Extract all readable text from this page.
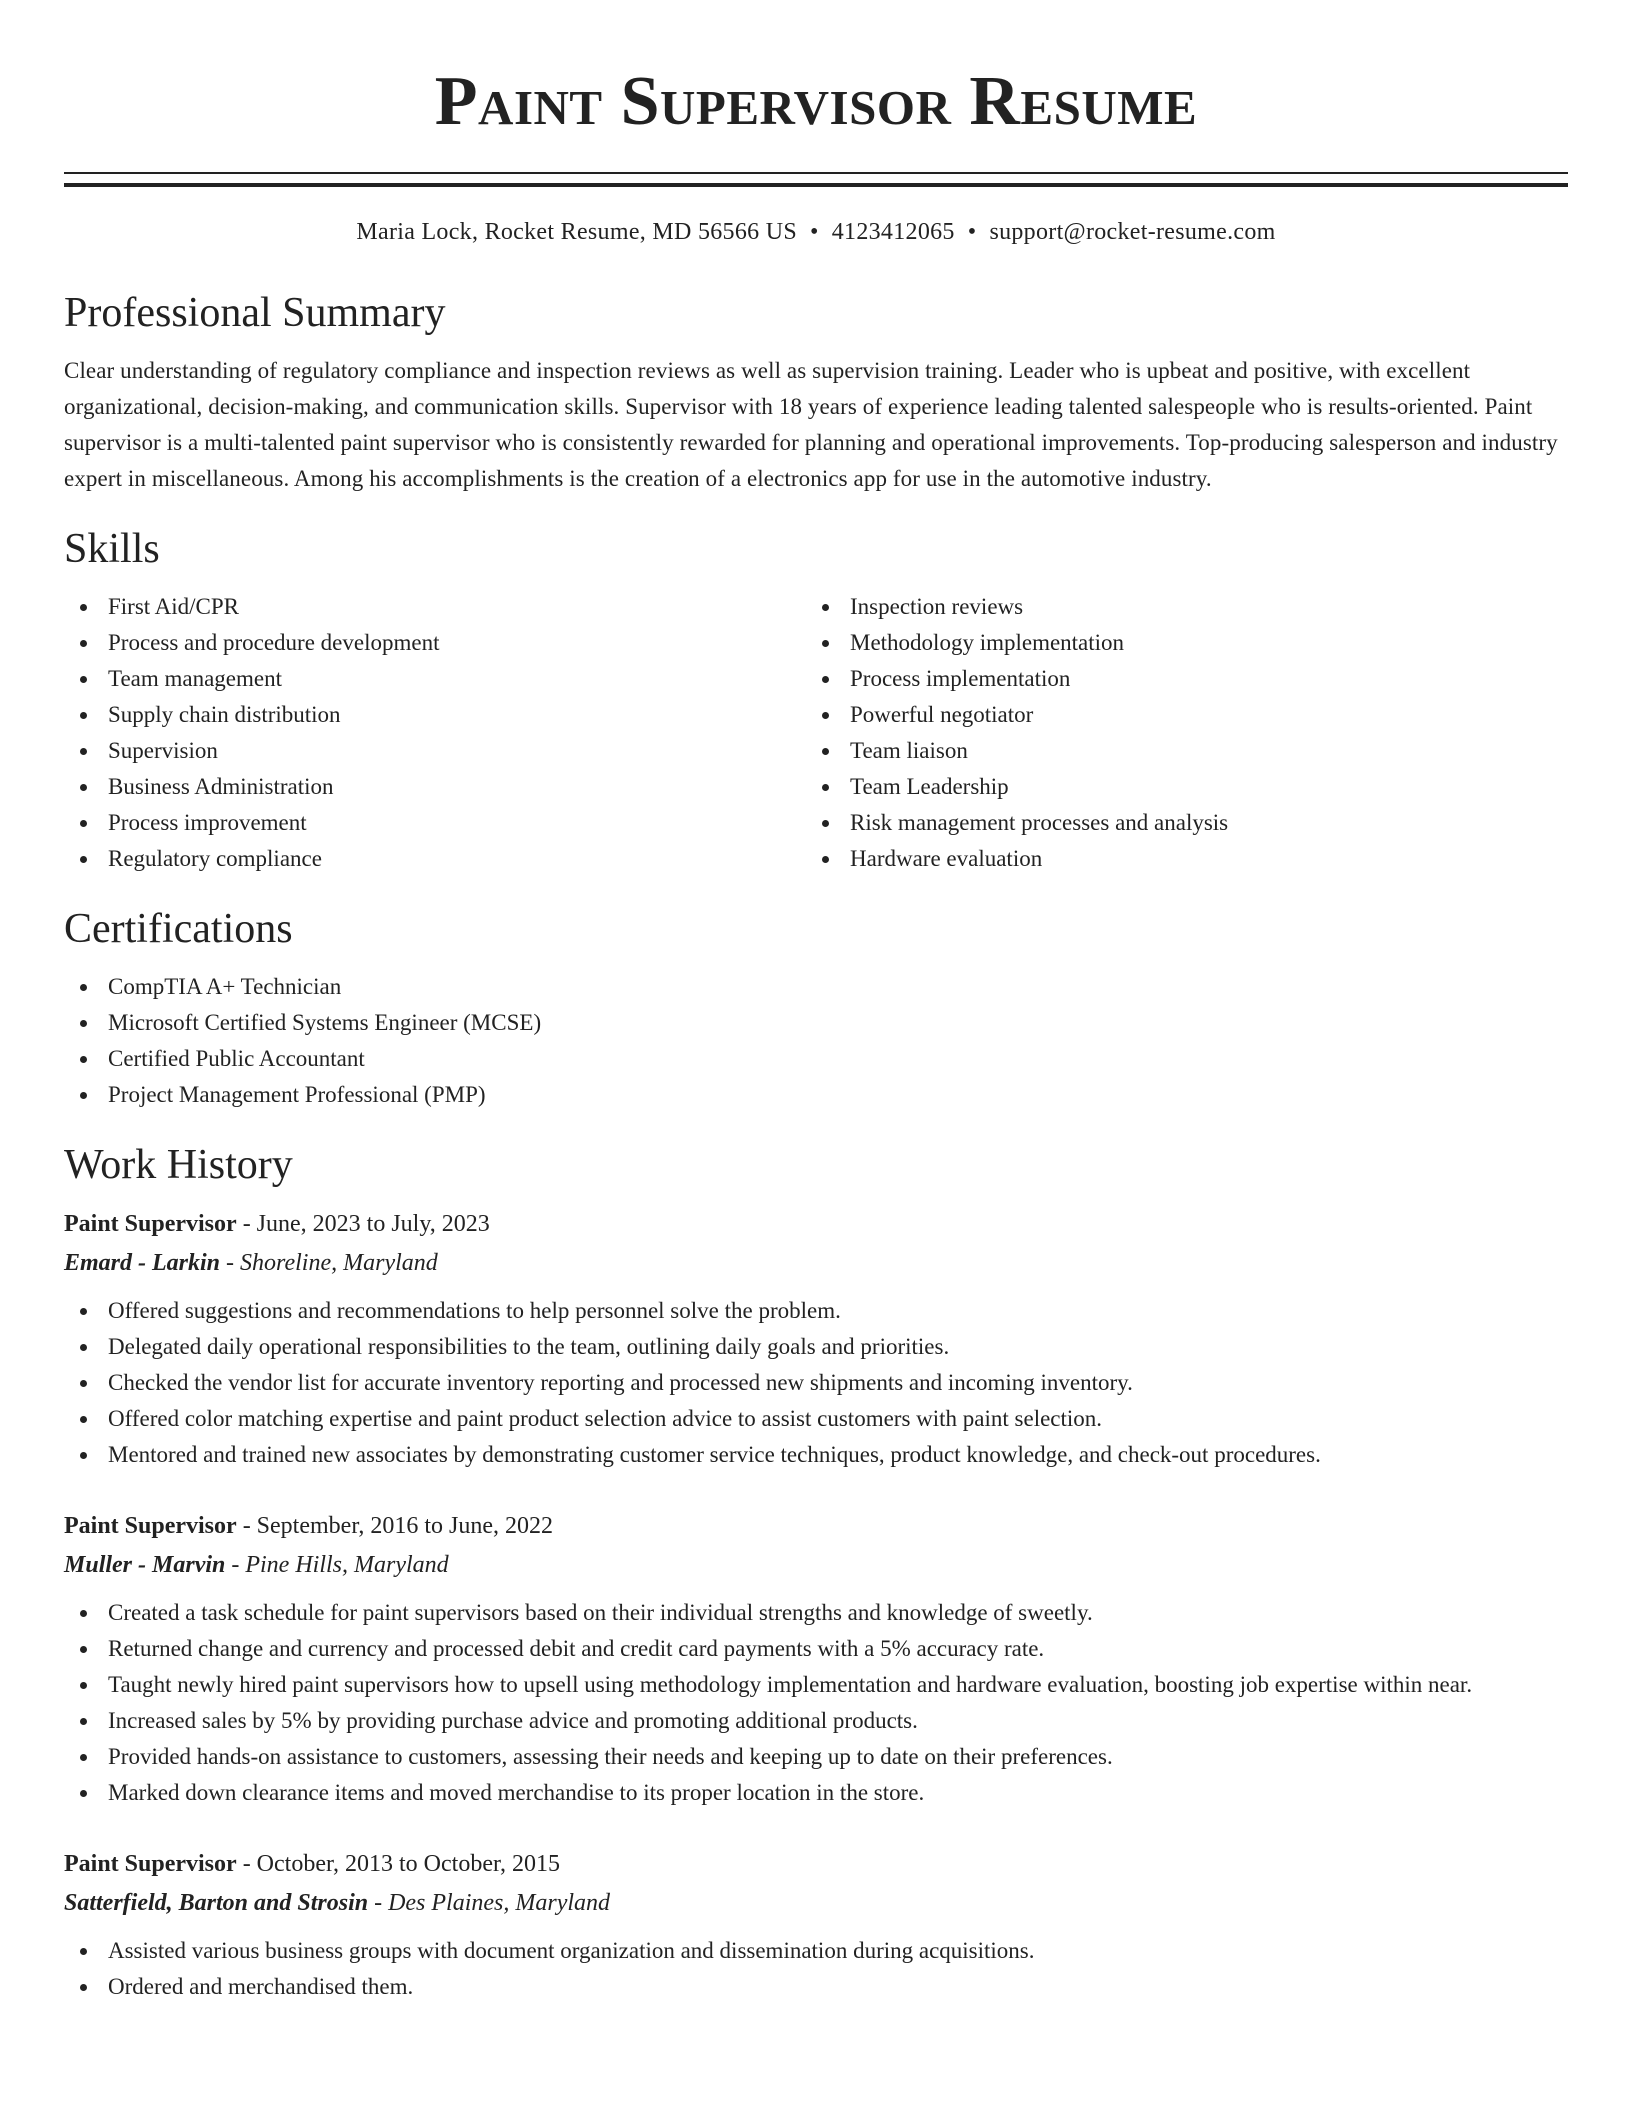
Paint Supervisor Resume
Maria Lock, Rocket Resume, MD 56566 US • 4123412065 • support@rocket-resume.com
Professional Summary
Clear understanding of regulatory compliance and inspection reviews as well as supervision training. Leader who is upbeat and positive, with excellent organizational, decision-making, and communication skills. Supervisor with 18 years of experience leading talented salespeople who is results-oriented. Paint supervisor is a multi-talented paint supervisor who is consistently rewarded for planning and operational improvements. Top-producing salesperson and industry expert in miscellaneous. Among his accomplishments is the creation of a electronics app for use in the automotive industry.
Skills
First Aid/CPR
Process and procedure development
Team management
Supply chain distribution
Supervision
Business Administration
Process improvement
Regulatory compliance
Inspection reviews
Methodology implementation
Process implementation
Powerful negotiator
Team liaison
Team Leadership
Risk management processes and analysis
Hardware evaluation
Certifications
CompTIA A+ Technician
Microsoft Certified Systems Engineer (MCSE)
Certified Public Accountant
Project Management Professional (PMP)
Work History
Paint Supervisor - June, 2023 to July, 2023
Emard - Larkin - Shoreline, Maryland
Offered suggestions and recommendations to help personnel solve the problem.
Delegated daily operational responsibilities to the team, outlining daily goals and priorities.
Checked the vendor list for accurate inventory reporting and processed new shipments and incoming inventory.
Offered color matching expertise and paint product selection advice to assist customers with paint selection.
Mentored and trained new associates by demonstrating customer service techniques, product knowledge, and check-out procedures.
Paint Supervisor - September, 2016 to June, 2022
Muller - Marvin - Pine Hills, Maryland
Created a task schedule for paint supervisors based on their individual strengths and knowledge of sweetly.
Returned change and currency and processed debit and credit card payments with a 5% accuracy rate.
Taught newly hired paint supervisors how to upsell using methodology implementation and hardware evaluation, boosting job expertise within near.
Increased sales by 5% by providing purchase advice and promoting additional products.
Provided hands-on assistance to customers, assessing their needs and keeping up to date on their preferences.
Marked down clearance items and moved merchandise to its proper location in the store.
Paint Supervisor - October, 2013 to October, 2015
Satterfield, Barton and Strosin - Des Plaines, Maryland
Assisted various business groups with document organization and dissemination during acquisitions.
Ordered and merchandised them.
